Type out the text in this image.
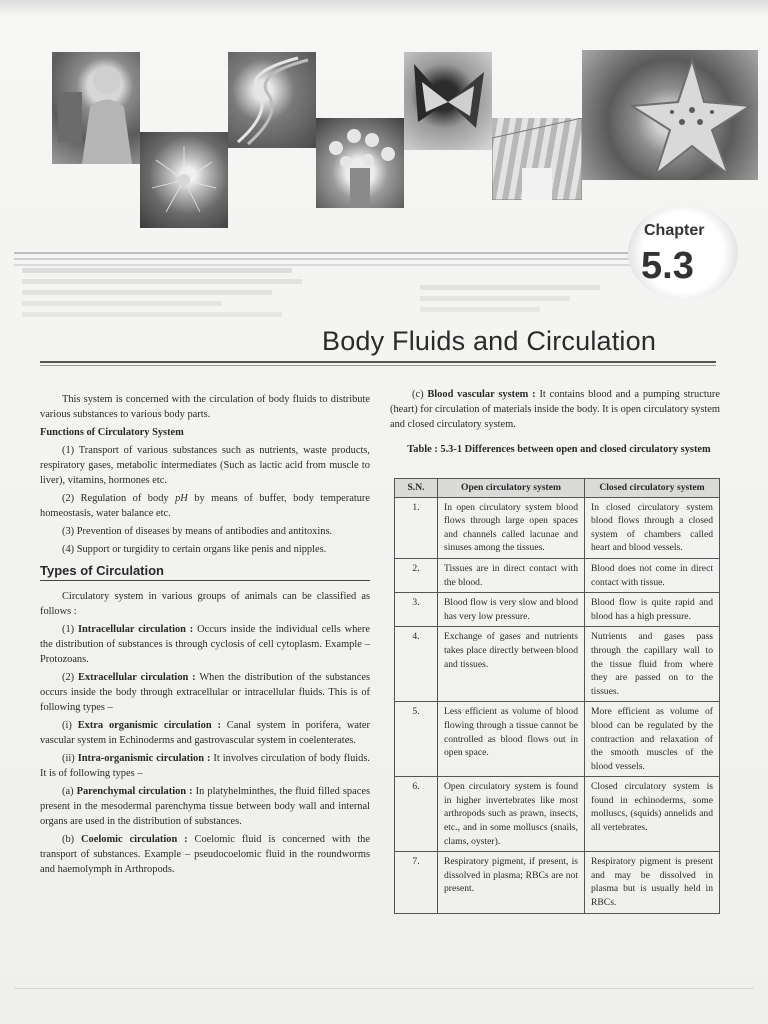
Chapter
5.3
Body Fluids and Circulation

This system is concerned with the circulation of body fluids to distribute various substances to various body parts.

Functions of Circulatory System

(1) Transport of various substances such as nutrients, waste products, respiratory gases, metabolic intermediates (Such as lactic acid from muscle to liver), vitamins, hormones etc.

(2) Regulation of body pH by means of buffer, body temperature homeostasis, water balance etc.

(3) Prevention of diseases by means of antibodies and antitoxins.

(4) Support or turgidity to certain organs like penis and nipples.

Types of Circulation

Circulatory system in various groups of animals can be classified as follows :

(1) Intracellular circulation : Occurs inside the individual cells where the distribution of substances is through cyclosis of cell cytoplasm. Example – Protozoans.

(2) Extracellular circulation : When the distribution of the substances occurs inside the body through extracellular or intracellular fluids. This is of following types –

(i) Extra organismic circulation : Canal system in porifera, water vascular system in Echinoderms and gastrovascular system in coelenterates.

(ii) Intra-organismic circulation : It involves circulation of body fluids. It is of following types –

(a) Parenchymal circulation : In platyhelminthes, the fluid filled spaces present in the mesodermal parenchyma tissue between body wall and internal organs are used in the distribution of substances.

(b) Coelomic circulation : Coelomic fluid is concerned with the transport of substances. Example – pseudocoelomic fluid in the roundworms and haemolymph in Arthropods.

(c) Blood vascular system : It contains blood and a pumping structure (heart) for circulation of materials inside the body. It is open circulatory system and closed circulatory system.

Table : 5.3-1 Differences between open and closed circulatory system
S.N.	Open circulatory system	Closed circulatory system
1.	In open circulatory system blood flows through large open spaces and channels called lacunae and sinuses among the tissues.	In closed circulatory system blood flows through a closed system of chambers called heart and blood vessels.
2.	Tissues are in direct contact with the blood.	Blood does not come in direct contact with tissue.
3.	Blood flow is very slow and blood has very low pressure.	Blood flow is quite rapid and blood has a high pressure.
4.	Exchange of gases and nutrients takes place directly between blood and tissues.	Nutrients and gases pass through the capillary wall to the tissue fluid from where they are passed on to the tissues.
5.	Less efficient as volume of blood flowing through a tissue cannot be controlled as blood flows out in open space.	More efficient as volume of blood can be regulated by the contraction and relaxation of the smooth muscles of the blood vessels.
6.	Open circulatory system is found in higher invertebrates like most arthropods such as prawn, insects, etc., and in some molluscs (snails, clams, oyster).	Closed circulatory system is found in echinoderms, some molluscs, (squids) annelids and all vertebrates.
7.	Respiratory pigment, if present, is dissolved in plasma; RBCs are not present.	Respiratory pigment is present and may be dissolved in plasma but is usually held in RBCs.
